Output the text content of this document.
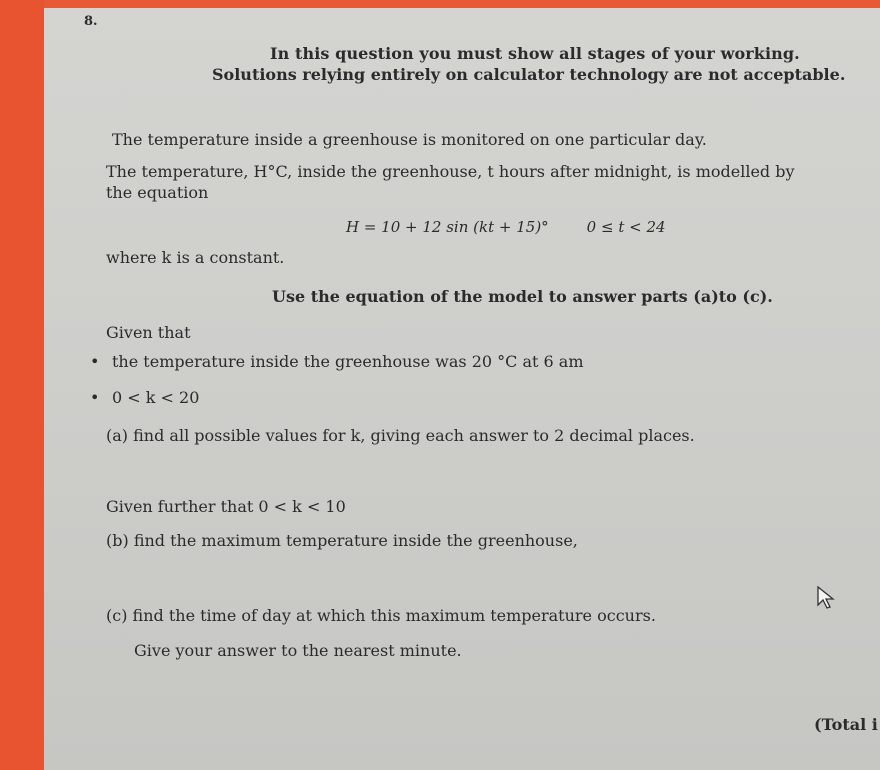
8.
In this question you must show all stages of your working.
Solutions relying entirely on calculator technology are not acceptable.
The temperature inside a greenhouse is monitored on one particular day.
The temperature, H°C, inside the greenhouse, t hours after midnight, is modelled by
the equation
H = 10 + 12 sin (kt + 15)°	0 ≤ t < 24
where k is a constant.
Use the equation of the model to answer parts (a)to (c).
Given that
• the temperature inside the greenhouse was 20 °C at 6 am
• 0 < k < 20
(a) find all possible values for k, giving each answer to 2 decimal places.
Given further that 0 < k < 10
(b) find the maximum temperature inside the greenhouse,
(c) find the time of day at which this maximum temperature occurs.
Give your answer to the nearest minute.
(Total i
